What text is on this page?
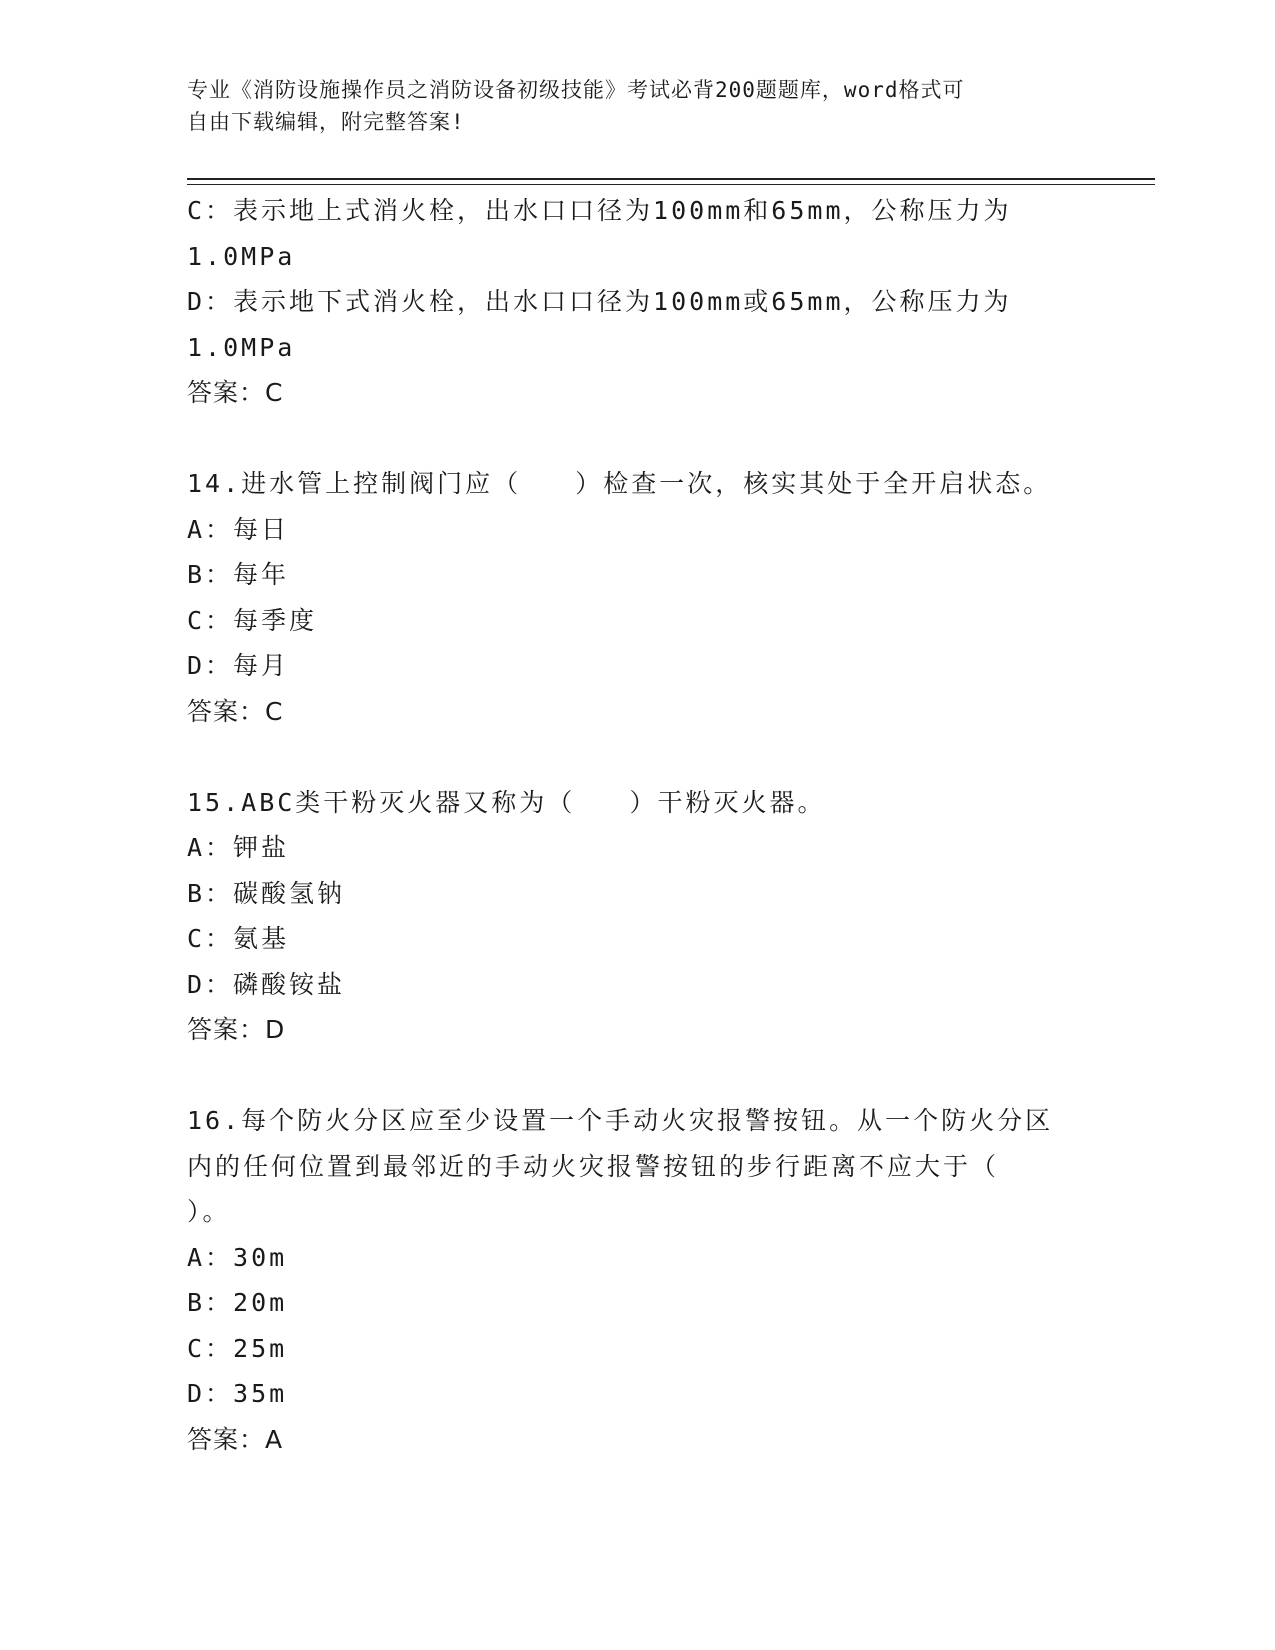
专业《消防设施操作员之消防设备初级技能》考试必背200题题库，word格式可
自由下载编辑，附完整答案!
C：表示地上式消火栓，出水口口径为100mm和65mm，公称压力为
1.0MPa
D：表示地下式消火栓，出水口口径为100mm或65mm，公称压力为
1.0MPa
答案：C
14.进水管上控制阀门应（   ）检查一次，核实其处于全开启状态。
A：每日
B：每年
C：每季度
D：每月
答案：C
15.ABC类干粉灭火器又称为（   ）干粉灭火器。
A：钾盐
B：碳酸氢钠
C：氨基
D：磷酸铵盐
答案：D
16.每个防火分区应至少设置一个手动火灾报警按钮。从一个防火分区
内的任何位置到最邻近的手动火灾报警按钮的步行距离不应大于（
）。
A：30m
B：20m
C：25m
D：35m
答案：A
